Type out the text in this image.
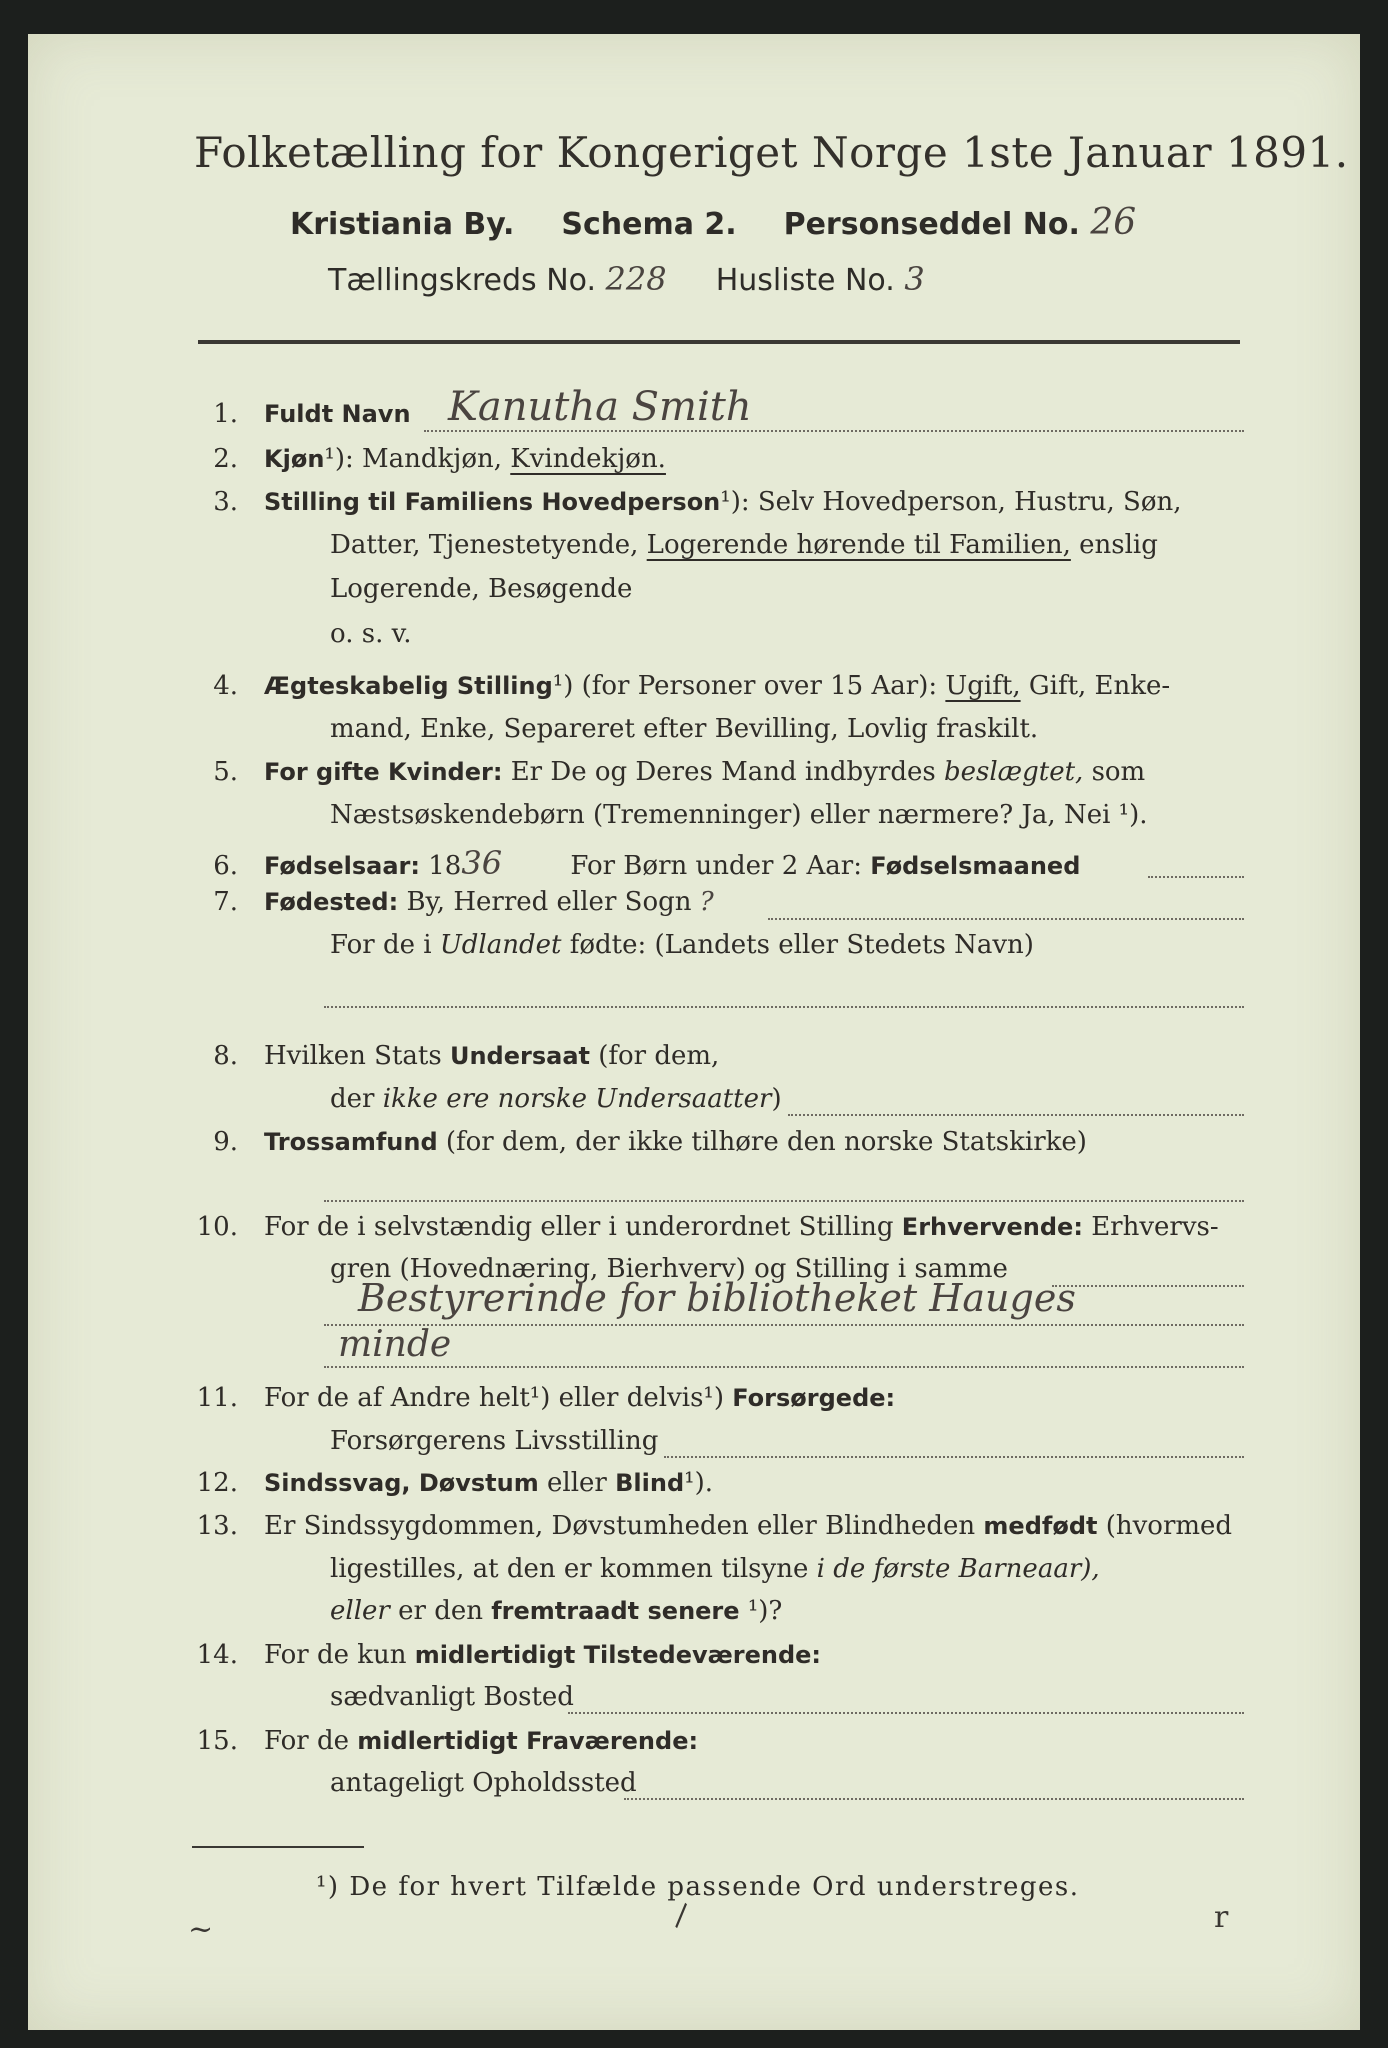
Folketælling for Kongeriget Norge 1ste Januar 1891.
Kristiania By. Schema 2. Personseddel No. 26
Tællingskreds No. 228 Husliste No. 3
1. Fuldt Navn Kanutha Smith
2. Kjøn¹): Mandkjøn, Kvindekjøn.
3. Stilling til Familiens Hovedperson¹): Selv Hovedperson, Hustru, Søn,
Datter, Tjenestetyende, Logerende hørende til Familien, enslig
Logerende, Besøgende
o. s. v.
4. Ægteskabelig Stilling¹) (for Personer over 15 Aar): Ugift, Gift, Enke-
mand, Enke, Separeret efter Bevilling, Lovlig fraskilt.
5. For gifte Kvinder: Er De og Deres Mand indbyrdes beslægtet, som
Næstsøskendebørn (Tremenninger) eller nærmere? Ja, Nei ¹).
6. Fødselsaar: 1836	For Børn under 2 Aar: Fødselsmaaned
7. Fødested: By, Herred eller Sogn ?
For de i Udlandet fødte: (Landets eller Stedets Navn)
8. Hvilken Stats Undersaat (for dem,
der ikke ere norske Undersaatter)
9. Trossamfund (for dem, der ikke tilhøre den norske Statskirke)
10. For de i selvstændig eller i underordnet Stilling Erhvervende: Erhvervs-
gren (Hovednæring, Bierhverv) og Stilling i samme
Bestyrerinde for bibliotheket Hauges
minde
11. For de af Andre helt¹) eller delvis¹) Forsørgede:
Forsørgerens Livsstilling
12. Sindssvag, Døvstum eller Blind¹).
13. Er Sindssygdommen, Døvstumheden eller Blindheden medfødt (hvormed
ligestilles, at den er kommen tilsyne i de første Barneaar),
eller er den fremtraadt senere ¹)?
14. For de kun midlertidigt Tilstedeværende:
sædvanligt Bosted
15. For de midlertidigt Fraværende:
antageligt Opholdssted
¹) De for hvert Tilfælde passende Ord understreges.
~	\	r
